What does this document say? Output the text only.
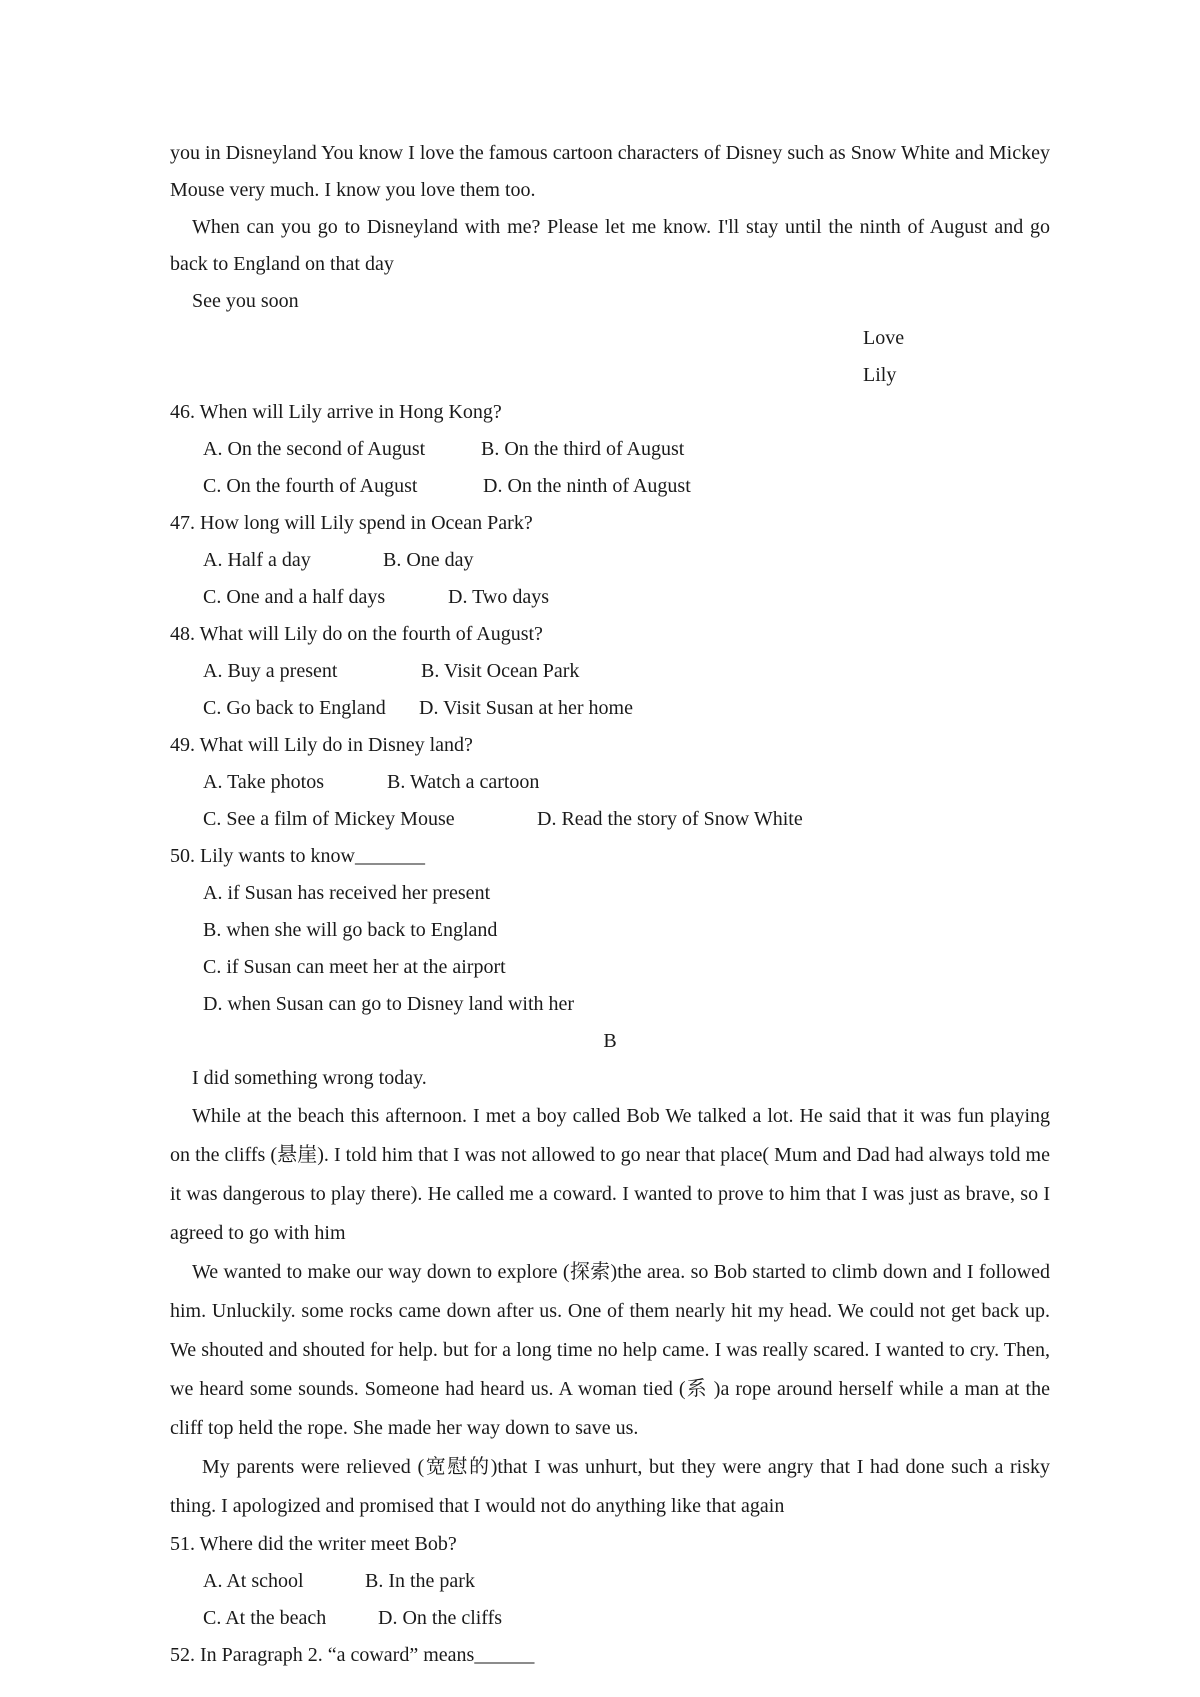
you in Disneyland You know I love the famous cartoon characters of Disney such as Snow White and Mickey Mouse very much. I know you love them too.

When can you go to Disneyland with me? Please let me know. I'll stay until the ninth of August and go back to England on that day

See you soon

Love

Lily

46. When will Lily arrive in Hong Kong?

A. On the second of August	B. On the third of August

C. On the fourth of August	D. On the ninth of August

47. How long will Lily spend in Ocean Park?

A. Half a day	B. One day

C. One and a half days	D. Two days

48. What will Lily do on the fourth of August?

A. Buy a present	B. Visit Ocean Park

C. Go back to England D. Visit Susan at her home

49. What will Lily do in Disney land?

A. Take photos	B. Watch a cartoon

C. See a film of Mickey Mouse	D. Read the story of Snow White

50. Lily wants to know_______

A. if Susan has received her present

B. when she will go back to England

C. if Susan can meet her at the airport

D. when Susan can go to Disney land with her

B

I did something wrong today.

While at the beach this afternoon. I met a boy called Bob We talked a lot. He said that it was fun playing on the cliffs (悬崖). I told him that I was not allowed to go near that place( Mum and Dad had always told me it was dangerous to play there). He called me a coward. I wanted to prove to him that I was just as brave, so I agreed to go with him

We wanted to make our way down to explore (探索)the area. so Bob started to climb down and I followed him. Unluckily. some rocks came down after us. One of them nearly hit my head. We could not get back up. We shouted and shouted for help. but for a long time no help came. I was really scared. I wanted to cry. Then, we heard some sounds. Someone had heard us. A woman tied (系 )a rope around herself while a man at the cliff top held the rope. She made her way down to save us.

My parents were relieved (宽慰的)that I was unhurt, but they were angry that I had done such a risky thing. I apologized and promised that I would not do anything like that again

51. Where did the writer meet Bob?

A. At school	B. In the park

C. At the beach	D. On the cliffs

52. In Paragraph 2. “a coward” means______
